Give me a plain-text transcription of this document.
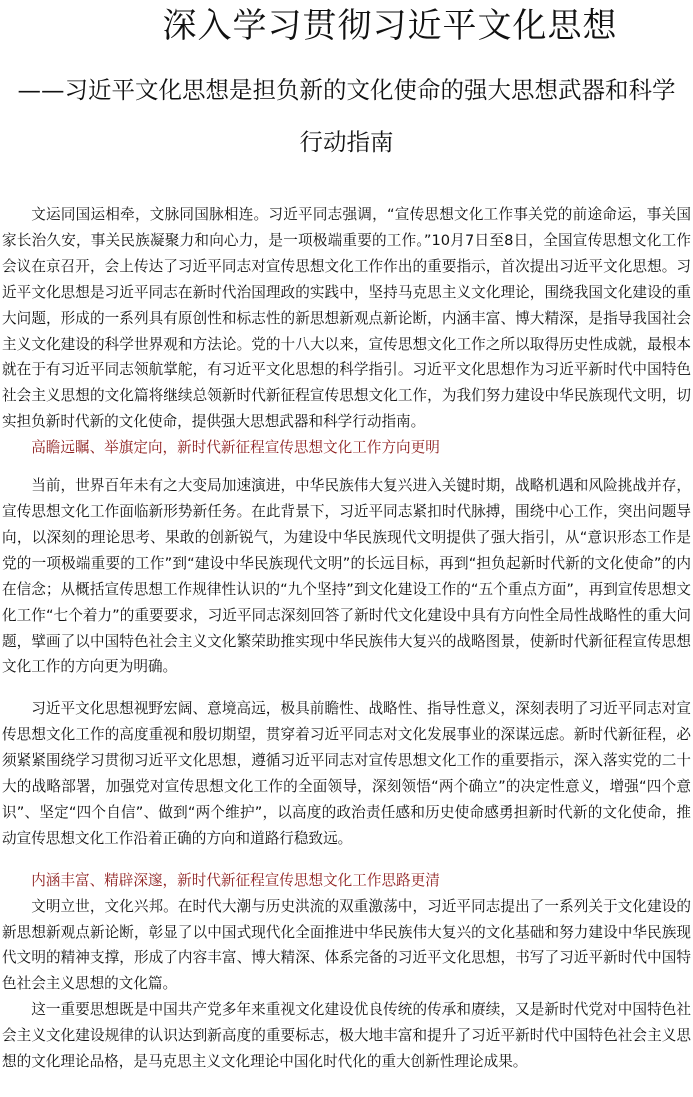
深入学习贯彻习近平文化思想
——习近平文化思想是担负新的文化使命的强大思想武器和科学行动指南

文运同国运相牵，文脉同国脉相连。习近平同志强调，“宣传思想文化工作事关党的前途命运，事关国家长治久安，事关民族凝聚力和向心力，是一项极端重要的工作。”10月7日至8日，全国宣传思想文化工作会议在京召开，会上传达了习近平同志对宣传思想文化工作作出的重要指示，首次提出习近平文化思想。习近平文化思想是习近平同志在新时代治国理政的实践中，坚持马克思主义文化理论，围绕我国文化建设的重大问题，形成的一系列具有原创性和标志性的新思想新观点新论断，内涵丰富、博大精深，是指导我国社会主义文化建设的科学世界观和方法论。党的十八大以来，宣传思想文化工作之所以取得历史性成就，最根本就在于有习近平同志领航掌舵，有习近平文化思想的科学指引。习近平文化思想作为习近平新时代中国特色社会主义思想的文化篇将继续总领新时代新征程宣传思想文化工作，为我们努力建设中华民族现代文明，切实担负新时代新的文化使命，提供强大思想武器和科学行动指南。

高瞻远瞩、举旗定向，新时代新征程宣传思想文化工作方向更明

当前，世界百年未有之大变局加速演进，中华民族伟大复兴进入关键时期，战略机遇和风险挑战并存，宣传思想文化工作面临新形势新任务。在此背景下，习近平同志紧扣时代脉搏，围绕中心工作，突出问题导向，以深刻的理论思考、果敢的创新锐气，为建设中华民族现代文明提供了强大指引，从“意识形态工作是党的一项极端重要的工作”到“建设中华民族现代文明”的长远目标，再到“担负起新时代新的文化使命”的内在信念；从概括宣传思想工作规律性认识的“九个坚持”到文化建设工作的“五个重点方面”，再到宣传思想文化工作“七个着力”的重要要求，习近平同志深刻回答了新时代文化建设中具有方向性全局性战略性的重大问题，擘画了以中国特色社会主义文化繁荣助推实现中华民族伟大复兴的战略图景，使新时代新征程宣传思想文化工作的方向更为明确。

习近平文化思想视野宏阔、意境高远，极具前瞻性、战略性、指导性意义，深刻表明了习近平同志对宣传思想文化工作的高度重视和殷切期望，贯穿着习近平同志对文化发展事业的深谋远虑。新时代新征程，必须紧紧围绕学习贯彻习近平文化思想，遵循习近平同志对宣传思想文化工作的重要指示，深入落实党的二十大的战略部署，加强党对宣传思想文化工作的全面领导，深刻领悟“两个确立”的决定性意义，增强“四个意识”、坚定“四个自信”、做到“两个维护”，以高度的政治责任感和历史使命感勇担新时代新的文化使命，推动宣传思想文化工作沿着正确的方向和道路行稳致远。

内涵丰富、精辟深邃，新时代新征程宣传思想文化工作思路更清

文明立世，文化兴邦。在时代大潮与历史洪流的双重激荡中，习近平同志提出了一系列关于文化建设的新思想新观点新论断，彰显了以中国式现代化全面推进中华民族伟大复兴的文化基础和努力建设中华民族现代文明的精神支撑，形成了内容丰富、博大精深、体系完备的习近平文化思想，书写了习近平新时代中国特色社会主义思想的文化篇。

这一重要思想既是中国共产党多年来重视文化建设优良传统的传承和赓续，又是新时代党对中国特色社会主义文化建设规律的认识达到新高度的重要标志，极大地丰富和提升了习近平新时代中国特色社会主义思想的文化理论品格，是马克思主义文化理论中国化时代化的重大创新性理论成果。
